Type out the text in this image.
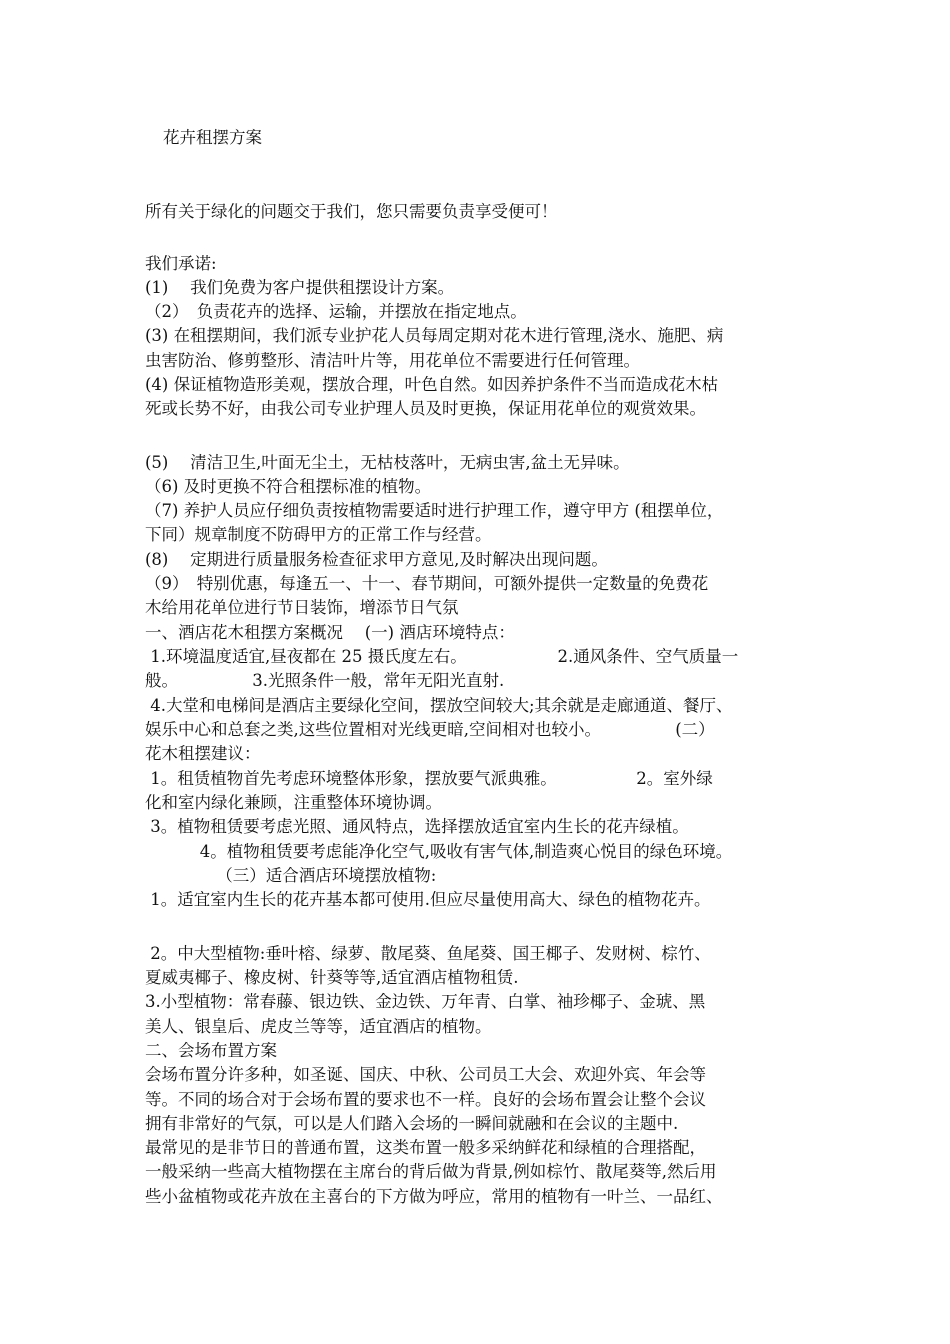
花卉租摆方案
所有关于绿化的问题交于我们，您只需要负责享受便可！
我们承诺:
(1)　 我们免费为客户提供租摆设计方案。
（2）　负责花卉的选择、运输，并摆放在指定地点。
(3) 在租摆期间，我们派专业护花人员每周定期对花木进行管理,浇水、施肥、病
虫害防治、修剪整形、清洁叶片等，用花单位不需要进行任何管理。
(4) 保证植物造形美观，摆放合理，叶色自然。如因养护条件不当而造成花木枯
死或长势不好，由我公司专业护理人员及时更换，保证用花单位的观赏效果。
(5)　 清洁卫生,叶面无尘土，无枯枝落叶，无病虫害,盆土无异味。
（6) 及时更换不符合租摆标准的植物。
（7) 养护人员应仔细负责按植物需要适时进行护理工作，遵守甲方 (租摆单位，
下同）规章制度不防碍甲方的正常工作与经营。
(8)　 定期进行质量服务检查征求甲方意见,及时解决出现问题。
（9）　特别优惠，每逢五一、十一、春节期间，可额外提供一定数量的免费花
木给用花单位进行节日装饰，增添节日气氛
一、酒店花木租摆方案概况　 (一) 酒店环境特点：
1.环境温度适宜,昼夜都在 25 摄氏度左右。　　　　　　2.通风条件、空气质量一
般。　　　　　3.光照条件一般，常年无阳光直射.
4.大堂和电梯间是酒店主要绿化空间，摆放空间较大;其余就是走廊通道、餐厅、
娱乐中心和总套之类,这些位置相对光线更暗,空间相对也较小。　　　　　(二）
花木租摆建议：
1。租赁植物首先考虑环境整体形象，摆放要气派典雅。　　　　　 2。室外绿
化和室内绿化兼顾，注重整体环境协调。
3。植物租赁要考虑光照、通风特点，选择摆放适宜室内生长的花卉绿植。
　　　 4。植物租赁要考虑能净化空气,吸收有害气体,制造爽心悦目的绿色环境。
　　　　 （三）适合酒店环境摆放植物:
1。适宜室内生长的花卉基本都可使用.但应尽量使用高大、绿色的植物花卉。
2。中大型植物:垂叶榕、绿萝、散尾葵、鱼尾葵、国王椰子、发财树、棕竹、
夏威夷椰子、橡皮树、针葵等等,适宜酒店植物租赁.
3.小型植物：常春藤、银边铁、金边铁、万年青、白掌、袖珍椰子、金琥、黑
美人、银皇后、虎皮兰等等，适宜酒店的植物。
二、会场布置方案
会场布置分许多种，如圣诞、国庆、中秋、公司员工大会、欢迎外宾、年会等
等。不同的场合对于会场布置的要求也不一样。良好的会场布置会让整个会议
拥有非常好的气氛，可以是人们踏入会场的一瞬间就融和在会议的主题中.
最常见的是非节日的普通布置，这类布置一般多采纳鲜花和绿植的合理搭配，
一般采纳一些高大植物摆在主席台的背后做为背景,例如棕竹、散尾葵等,然后用
些小盆植物或花卉放在主喜台的下方做为呼应，常用的植物有一叶兰、一品红、
